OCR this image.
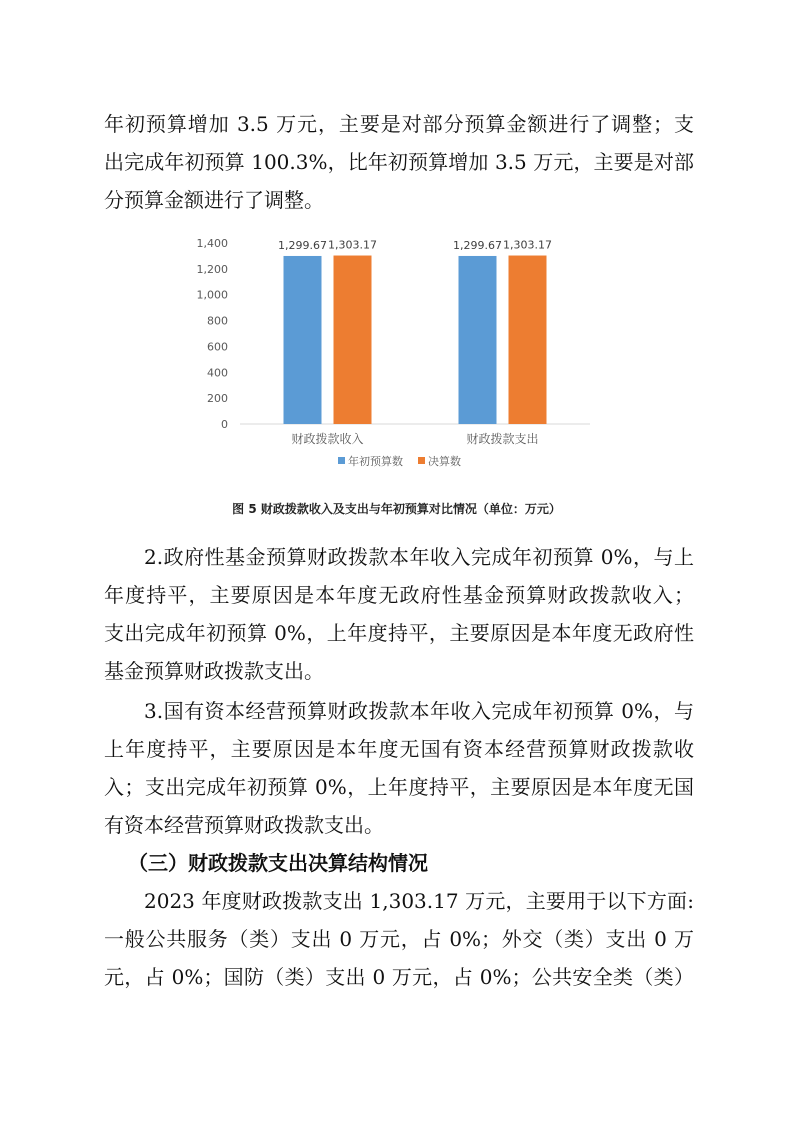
年初预算增加 3.5 万元，主要是对部分预算金额进行了调整；支
出完成年初预算 100.3%，比年初预算增加 3.5 万元，主要是对部
分预算金额进行了调整。
0
200
400
600
800
1,000
1,200
1,400	1,299.67 1,303.17
财政拨款收入
1,299.67 1,303.17
财政拨款支出
年初预算数 决算数
图 5 财政拨款收入及支出与年初预算对比情况（单位：万元）
2.政府性基金预算财政拨款本年收入完成年初预算 0%，与上
年度持平，主要原因是本年度无政府性基金预算财政拨款收入；
支出完成年初预算 0%，上年度持平，主要原因是本年度无政府性
基金预算财政拨款支出。
3.国有资本经营预算财政拨款本年收入完成年初预算 0%，与
上年度持平，主要原因是本年度无国有资本经营预算财政拨款收
入；支出完成年初预算 0%，上年度持平，主要原因是本年度无国
有资本经营预算财政拨款支出。
（三）财政拨款支出决算结构情况
2023 年度财政拨款支出 1,303.17 万元，主要用于以下方面:
一般公共服务（类）支出 0 万元，占 0%；外交（类）支出 0 万
元，占 0%；国防（类）支出 0 万元，占 0%；公共安全类（类）
